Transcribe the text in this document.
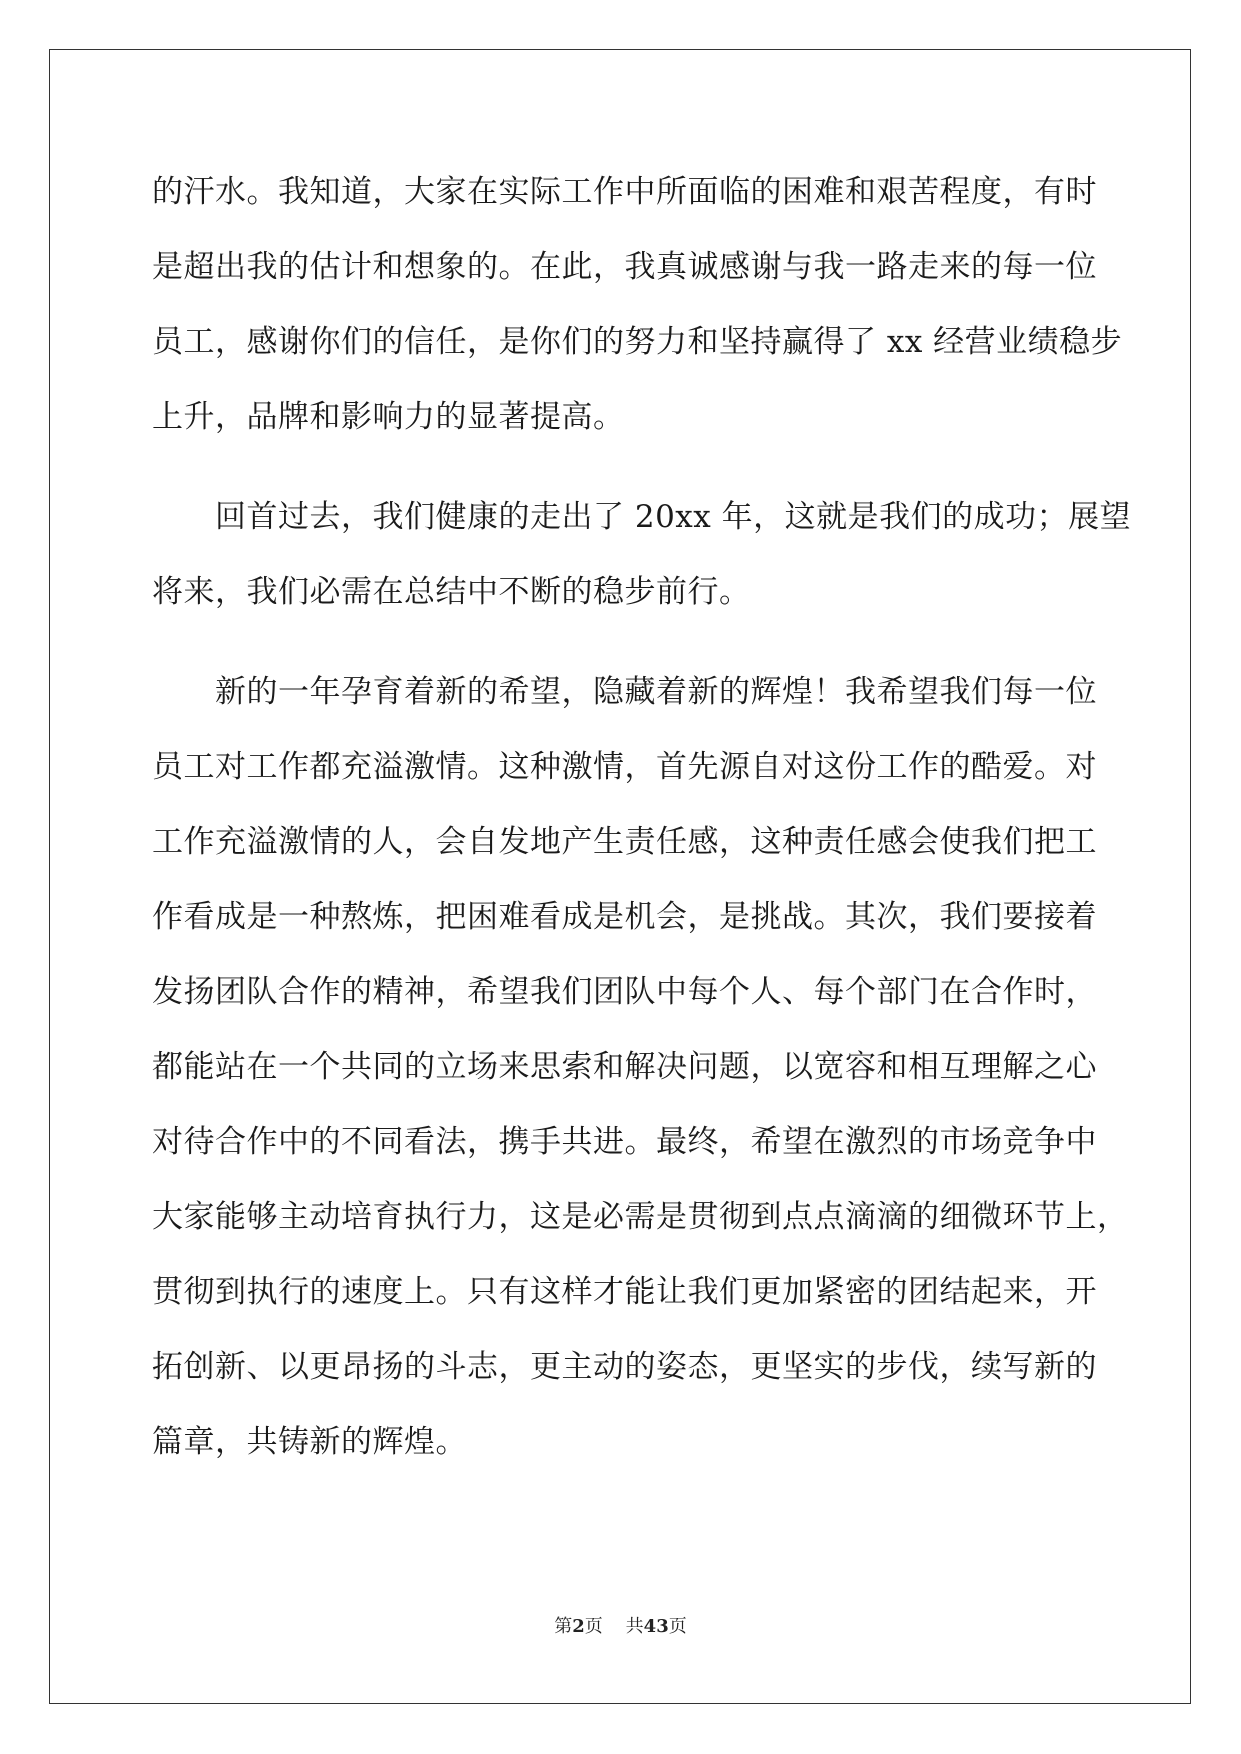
的汗水。我知道，大家在实际工作中所面临的困难和艰苦程度，有时
是超出我的估计和想象的。在此，我真诚感谢与我一路走来的每一位
员工，感谢你们的信任，是你们的努力和坚持赢得了 xx 经营业绩稳步
上升，品牌和影响力的显著提高。
回首过去，我们健康的走出了 20xx 年，这就是我们的成功；展望
将来，我们必需在总结中不断的稳步前行。
新的一年孕育着新的希望，隐藏着新的辉煌！我希望我们每一位
员工对工作都充溢激情。这种激情，首先源自对这份工作的酷爱。对
工作充溢激情的人，会自发地产生责任感，这种责任感会使我们把工
作看成是一种熬炼，把困难看成是机会，是挑战。其次，我们要接着
发扬团队合作的精神，希望我们团队中每个人、每个部门在合作时，
都能站在一个共同的立场来思索和解决问题，以宽容和相互理解之心
对待合作中的不同看法，携手共进。最终，希望在激烈的市场竞争中
大家能够主动培育执行力，这是必需是贯彻到点点滴滴的细微环节上，
贯彻到执行的速度上。只有这样才能让我们更加紧密的团结起来，开
拓创新、以更昂扬的斗志，更主动的姿态，更坚实的步伐，续写新的
篇章，共铸新的辉煌。
第2页 共43页
